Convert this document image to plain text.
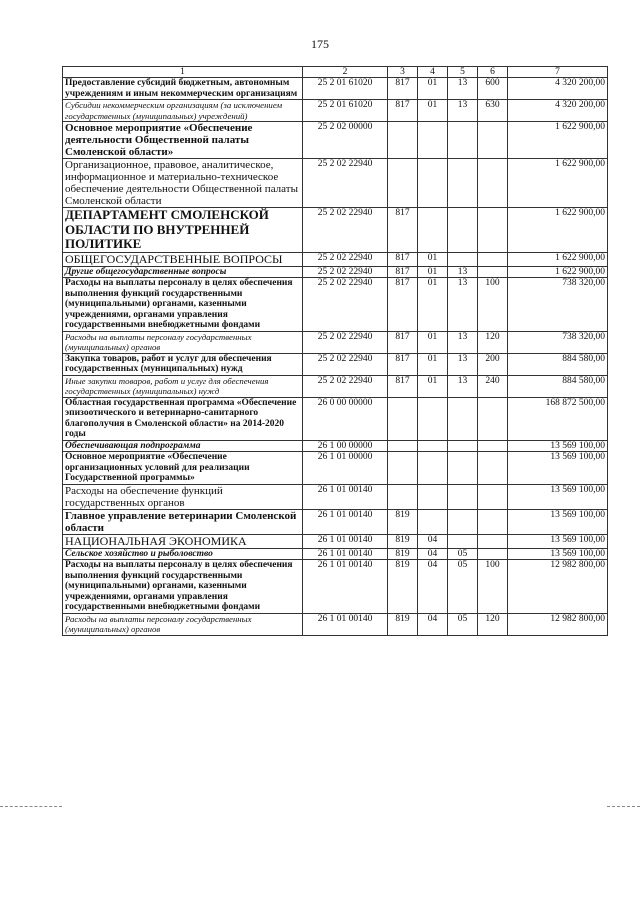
175
1	2	3	4	5	6	7
Предоставление субсидий бюджетным, автономным учреждениям и иным некоммерческим организациям	25 2 01 61020	817	01	13	600	4 320 200,00
Субсидии некоммерческим организациям (за исключением государственных (муниципальных) учреждений)	25 2 01 61020	817	01	13	630	4 320 200,00
Основное мероприятие «Обеспечение деятельности Общественной палаты Смоленской области»	25 2 02 00000					1 622 900,00
Организационное, правовое, аналитическое, информационное и материально-техническое обеспечение деятельности Общественной палаты Смоленской области	25 2 02 22940					1 622 900,00
ДЕПАРТАМЕНТ СМОЛЕНСКОЙ ОБЛАСТИ ПО ВНУТРЕННЕЙ ПОЛИТИКЕ	25 2 02 22940	817				1 622 900,00
ОБЩЕГОСУДАРСТВЕННЫЕ ВОПРОСЫ	25 2 02 22940	817	01			1 622 900,00
Другие общегосударственные вопросы	25 2 02 22940	817	01	13		1 622 900,00
Расходы на выплаты персоналу в целях обеспечения выполнения функций государственными (муниципальными) органами, казенными учреждениями, органами управления государственными внебюджетными фондами	25 2 02 22940	817	01	13	100	738 320,00
Расходы на выплаты персоналу государственных (муниципальных) органов	25 2 02 22940	817	01	13	120	738 320,00
Закупка товаров, работ и услуг для обеспечения государственных (муниципальных) нужд	25 2 02 22940	817	01	13	200	884 580,00
Иные закупки товаров, работ и услуг для обеспечения государственных (муниципальных) нужд	25 2 02 22940	817	01	13	240	884 580,00
Областная государственная программа «Обеспечение эпизоотического и ветеринарно-санитарного благополучия в Смоленской области» на 2014-2020 годы	26 0 00 00000					168 872 500,00
Обеспечивающая подпрограмма	26 1 00 00000					13 569 100,00
Основное мероприятие «Обеспечение организационных условий для реализации Государственной программы»	26 1 01 00000					13 569 100,00
Расходы на обеспечение функций государственных органов	26 1 01 00140					13 569 100,00
Главное управление ветеринарии Смоленской области	26 1 01 00140	819				13 569 100,00
НАЦИОНАЛЬНАЯ ЭКОНОМИКА	26 1 01 00140	819	04			13 569 100,00
Сельское хозяйство и рыболовство	26 1 01 00140	819	04	05		13 569 100,00
Расходы на выплаты персоналу в целях обеспечения выполнения функций государственными (муниципальными) органами, казенными учреждениями, органами управления государственными внебюджетными фондами	26 1 01 00140	819	04	05	100	12 982 800,00
Расходы на выплаты персоналу государственных (муниципальных) органов	26 1 01 00140	819	04	05	120	12 982 800,00
